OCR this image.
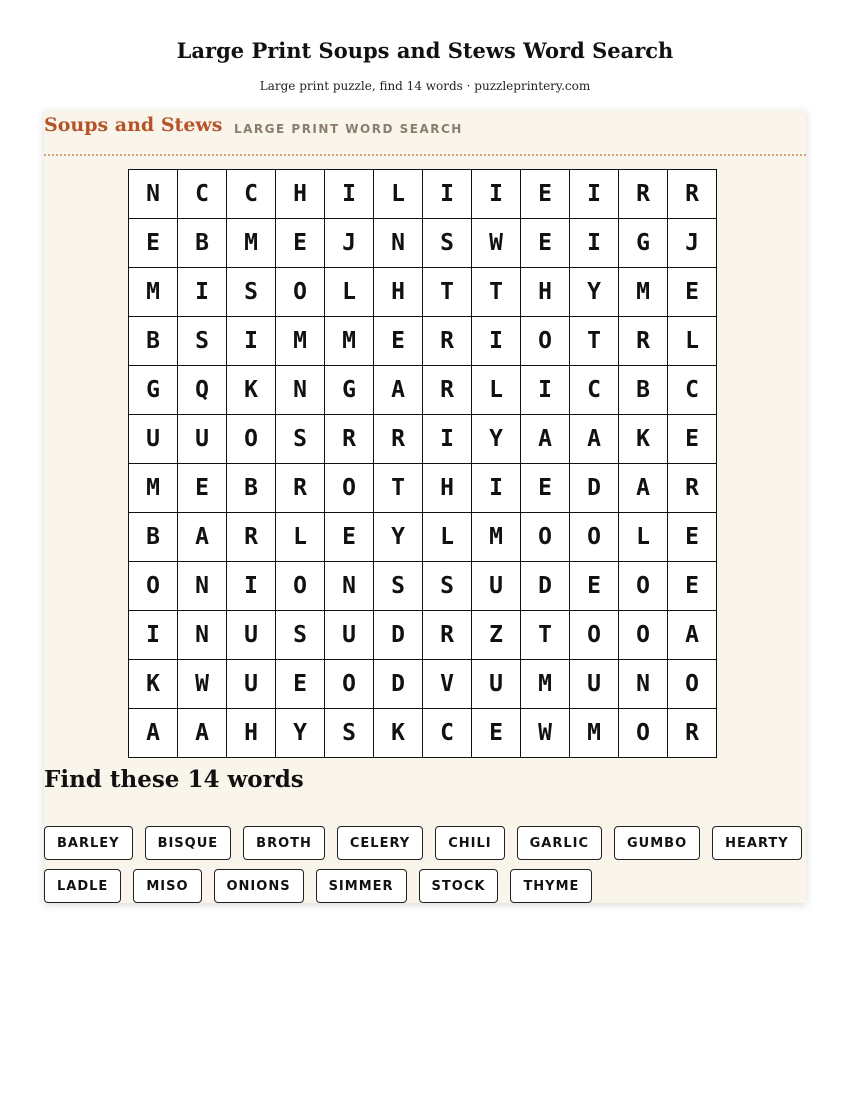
Large Print Soups and Stews Word Search
Large print puzzle, find 14 words · puzzleprintery.com
Soups and Stews LARGE PRINT WORD SEARCH
N	C	C	H	I	L	I	I	E	I	R	R
E	B	M	E	J	N	S	W	E	I	G	J
M	I	S	O	L	H	T	T	H	Y	M	E
B	S	I	M	M	E	R	I	O	T	R	L
G	Q	K	N	G	A	R	L	I	C	B	C
U	U	O	S	R	R	I	Y	A	A	K	E
M	E	B	R	O	T	H	I	E	D	A	R
B	A	R	L	E	Y	L	M	O	O	L	E
O	N	I	O	N	S	S	U	D	E	O	E
I	N	U	S	U	D	R	Z	T	O	O	A
K	W	U	E	O	D	V	U	M	U	N	O
A	A	H	Y	S	K	C	E	W	M	O	R
Find these 14 words
BARLEY	BISQUE	BROTH	CELERY	CHILI	GARLIC	GUMBO	HEARTY
LADLE	MISO	ONIONS	SIMMER	STOCK	THYME
